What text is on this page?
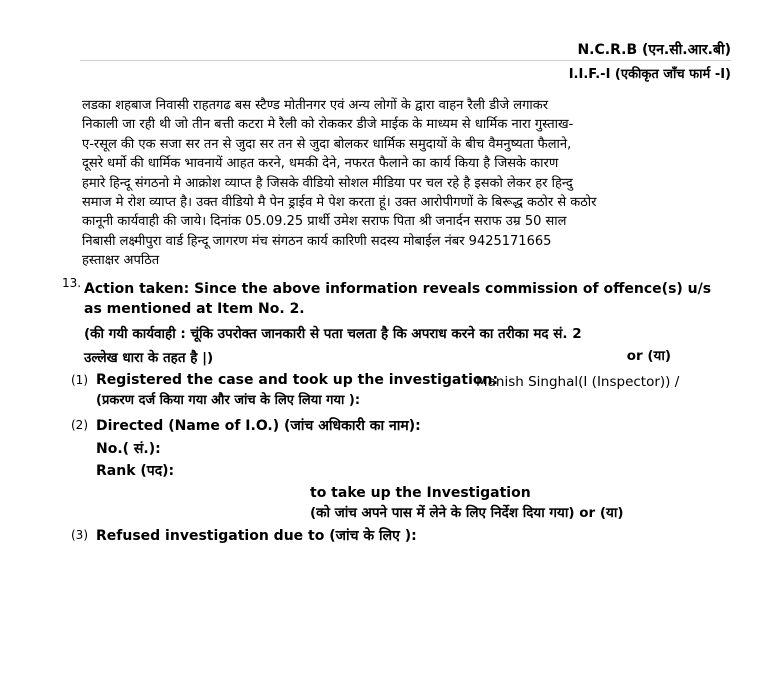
N.C.R.B (एन.सी.आर.बी)
I.I.F.-I (एकीकृत जाँच फार्म -I)
लडका शहबाज निवासी राहतगढ बस स्टैण्ड मोतीनगर एवं अन्य लोगों के द्वारा वाहन रैली डीजे लगाकर
निकाली जा रही थी जो तीन बत्ती कटरा मे रैली को रोककर डीजे माईक के माध्यम से धार्मिक नारा गुस्ताख-
ए-रसूल की एक सजा सर तन से जुदा सर तन से जुदा बोलकर धार्मिक समुदायों के बीच वैमनुष्यता फैलाने,
दूसरे धर्मो की धार्मिक भावनायें आहत करने, धमकी देने, नफरत फैलाने का कार्य किया है जिसके कारण
हमारे हिन्दू संगठनो मे आक्रोश व्याप्त है जिसके वीडियो सोशल मीडिया पर चल रहे है इसको लेकर हर हिन्दु
समाज मे रोश व्याप्त है। उक्त वीडियो मै पेन ड्राईव मे पेश करता हूं। उक्त आरोपीगणों के बिरूद्ध कठोर से कठोर
कानूनी कार्यवाही की जाये। दिनांक 05.09.25 प्रार्थी उमेश सराफ पिता श्री जनार्दन सराफ उम्र 50 साल
निबासी लक्ष्मीपुरा वार्ड हिन्दू जागरण मंच संगठन कार्य कारिणी सदस्य मोबाईल नंबर 9425171665
हस्ताक्षर अपठित
13. Action taken: Since the above information reveals commission of offence(s) u/s
as mentioned at Item No. 2.
(की गयी कार्यवाही : चूंकि उपरोक्त जानकारी से पता चलता है कि अपराध करने का तरीका मद सं. 2
उल्लेख धारा के तहत है |)	or (या)
(1) Registered the case and took up the investigation:
(प्रकरण दर्ज किया गया और जांच के लिए लिया गया ):
Manish Singhal(I (Inspector)) /
(2) Directed (Name of I.O.) (जांच अधिकारी का नाम):
No.( सं.):
Rank (पद):
to take up the Investigation
(को जांच अपने पास में लेने के लिए निर्देश दिया गया) or (या)
(3) Refused investigation due to (जांच के लिए ):
